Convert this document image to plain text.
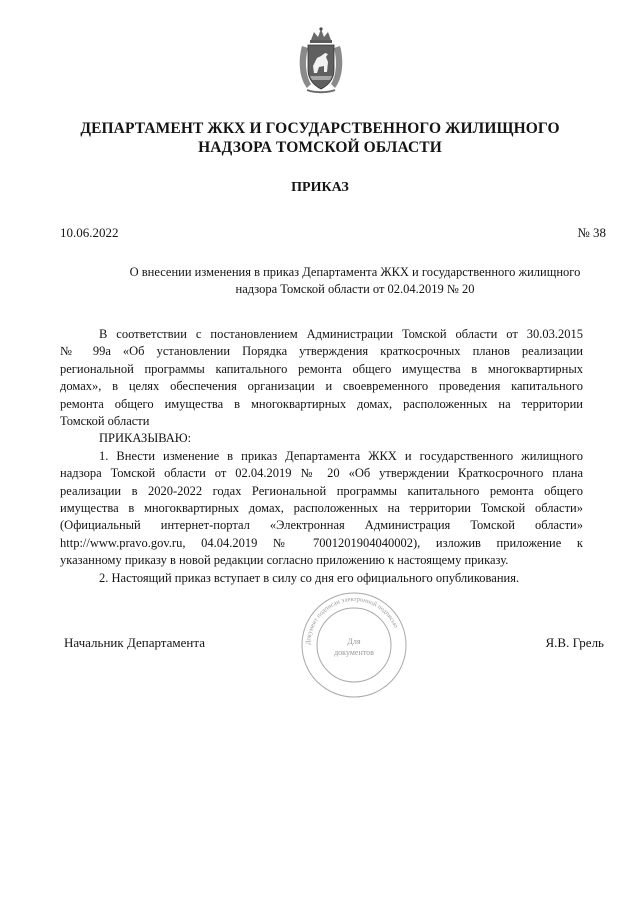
ДЕПАРТАМЕНТ ЖКХ И ГОСУДАРСТВЕННОГО ЖИЛИЩНОГО
НАДЗОРА ТОМСКОЙ ОБЛАСТИ
ПРИКАЗ
10.06.2022	№ 38
О внесении изменения в приказ Департамента ЖКХ и государственного жилищного
надзора Томской области от 02.04.2019 № 20
В соответствии с постановлением Администрации Томской области от 30.03.2015
№ 99а «Об установлении Порядка утверждения краткосрочных планов реализации
региональной программы капитального ремонта общего имущества в многоквартирных
домах», в целях обеспечения организации и своевременного проведения капитального
ремонта общего имущества в многоквартирных домах, расположенных на территории
Томской области
ПРИКАЗЫВАЮ:
1. Внести изменение в приказ Департамента ЖКХ и государственного жилищного
надзора Томской области от 02.04.2019 № 20 «Об утверждении Краткосрочного плана
реализации в 2020-2022 годах Региональной программы капитального ремонта общего
имущества в многоквартирных домах, расположенных на территории Томской области»
(Официальный интернет-портал «Электронная Администрация Томской области»
http://www.pravo.gov.ru, 04.04.2019 № 7001201904040002), изложив приложение к
указанному приказу в новой редакции согласно приложению к настоящему приказу.
2. Настоящий приказ вступает в силу со дня его официального опубликования.
Начальник Департамента	Я.В. Грель
Документ подписан электронной подписью
Для
документов
